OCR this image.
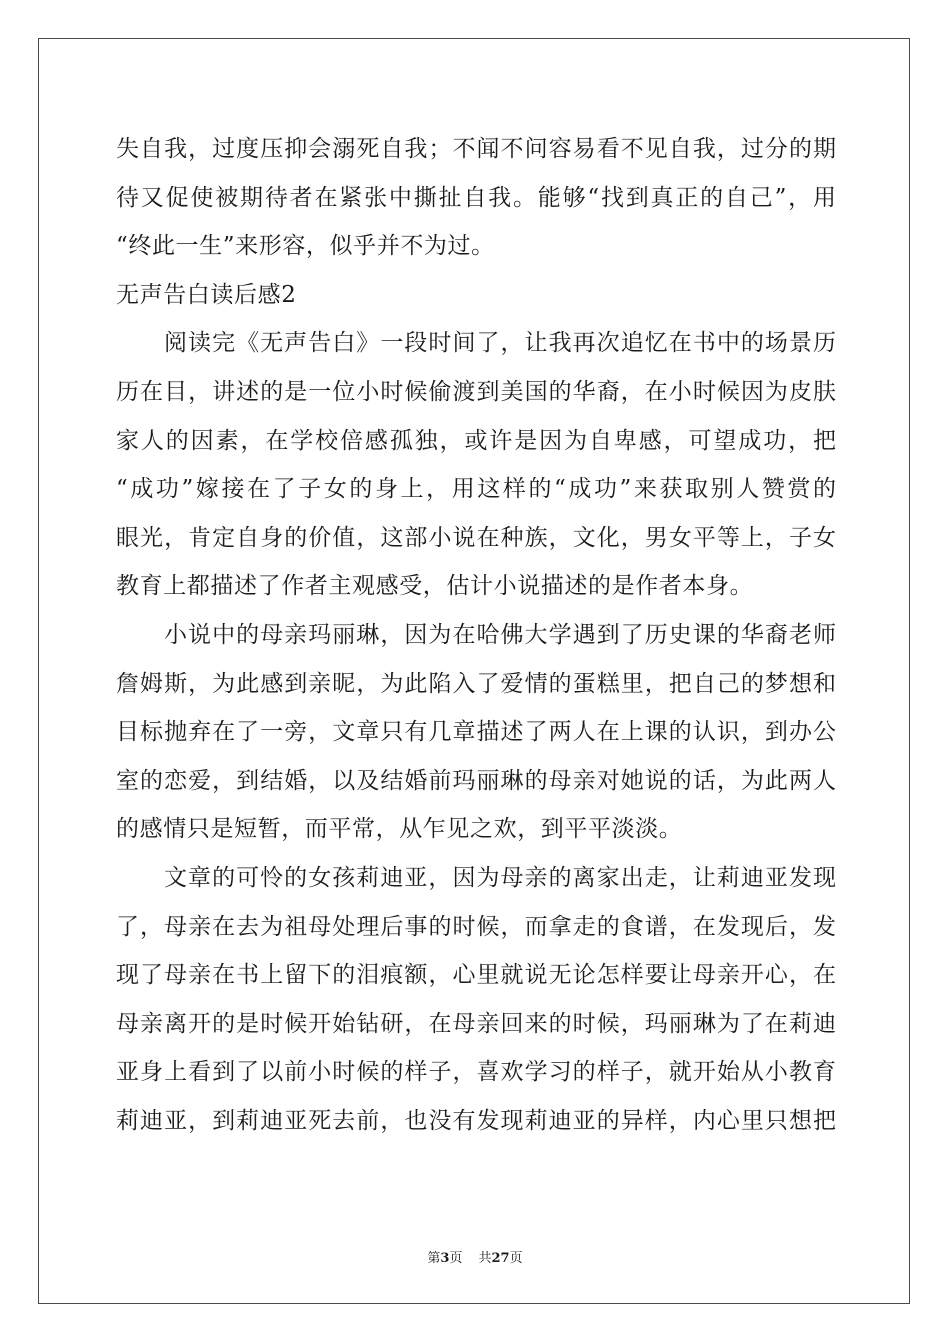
失自我，过度压抑会溺死自我；不闻不问容易看不见自我，过分的期
待又促使被期待者在紧张中撕扯自我。能够“找到真正的自己”，用
“终此一生”来形容，似乎并不为过。
无声告白读后感2
阅读完《无声告白》一段时间了，让我再次追忆在书中的场景历
历在目，讲述的是一位小时候偷渡到美国的华裔，在小时候因为皮肤
家人的因素，在学校倍感孤独，或许是因为自卑感，可望成功，把
“成功”嫁接在了子女的身上，用这样的“成功”来获取别人赞赏的
眼光，肯定自身的价值，这部小说在种族，文化，男女平等上，子女
教育上都描述了作者主观感受，估计小说描述的是作者本身。
小说中的母亲玛丽琳，因为在哈佛大学遇到了历史课的华裔老师
詹姆斯，为此感到亲昵，为此陷入了爱情的蛋糕里，把自己的梦想和
目标抛弃在了一旁，文章只有几章描述了两人在上课的认识，到办公
室的恋爱，到结婚，以及结婚前玛丽琳的母亲对她说的话，为此两人
的感情只是短暂，而平常，从乍见之欢，到平平淡淡。
文章的可怜的女孩莉迪亚，因为母亲的离家出走，让莉迪亚发现
了，母亲在去为祖母处理后事的时候，而拿走的食谱，在发现后，发
现了母亲在书上留下的泪痕额，心里就说无论怎样要让母亲开心，在
母亲离开的是时候开始钻研，在母亲回来的时候，玛丽琳为了在莉迪
亚身上看到了以前小时候的样子，喜欢学习的样子，就开始从小教育
莉迪亚，到莉迪亚死去前，也没有发现莉迪亚的异样，内心里只想把
第3页 共27页
